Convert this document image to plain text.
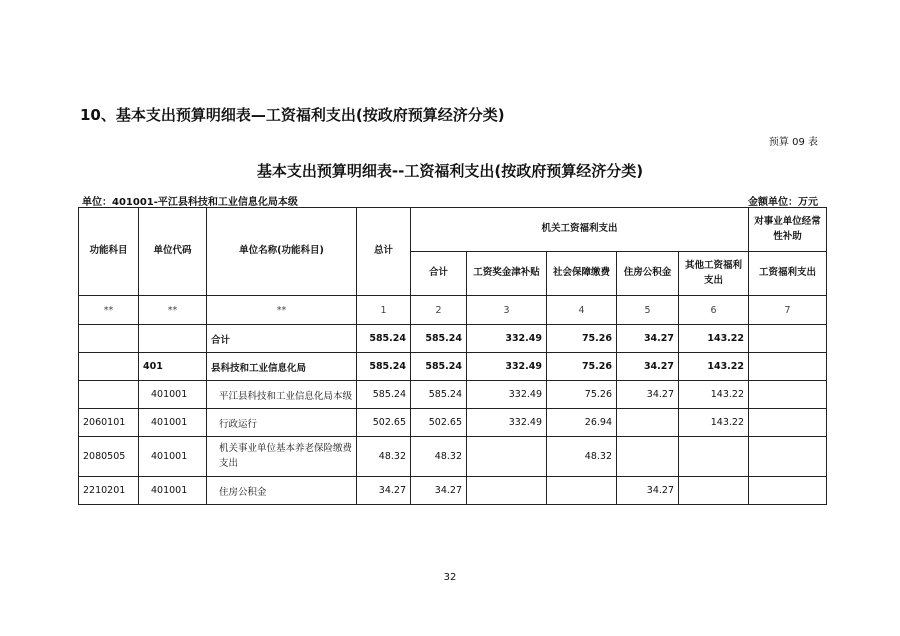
10、基本支出预算明细表—工资福利支出(按政府预算经济分类)
预算 09 表
基本支出预算明细表--工资福利支出(按政府预算经济分类)
单位：401001-平江县科技和工业信息化局本级	金额单位：万元
功能科目	单位代码	单位名称(功能科目)	总计	机关工资福利支出					对事业单位经常性补助
				合计	工资奖金津补贴	社会保障缴费	住房公积金	其他工资福利支出	工资福利支出
**	**	**	1	2	3	4	5	6	7
		合计	585.24	585.24	332.49	75.26	34.27	143.22	
	401	县科技和工业信息化局	585.24	585.24	332.49	75.26	34.27	143.22	
	401001	平江县科技和工业信息化局本级	585.24	585.24	332.49	75.26	34.27	143.22	
2060101	401001	行政运行	502.65	502.65	332.49	26.94		143.22	
2080505	401001	机关事业单位基本养老保险缴费支出	48.32	48.32		48.32			
2210201	401001	住房公积金	34.27	34.27			34.27		
32
